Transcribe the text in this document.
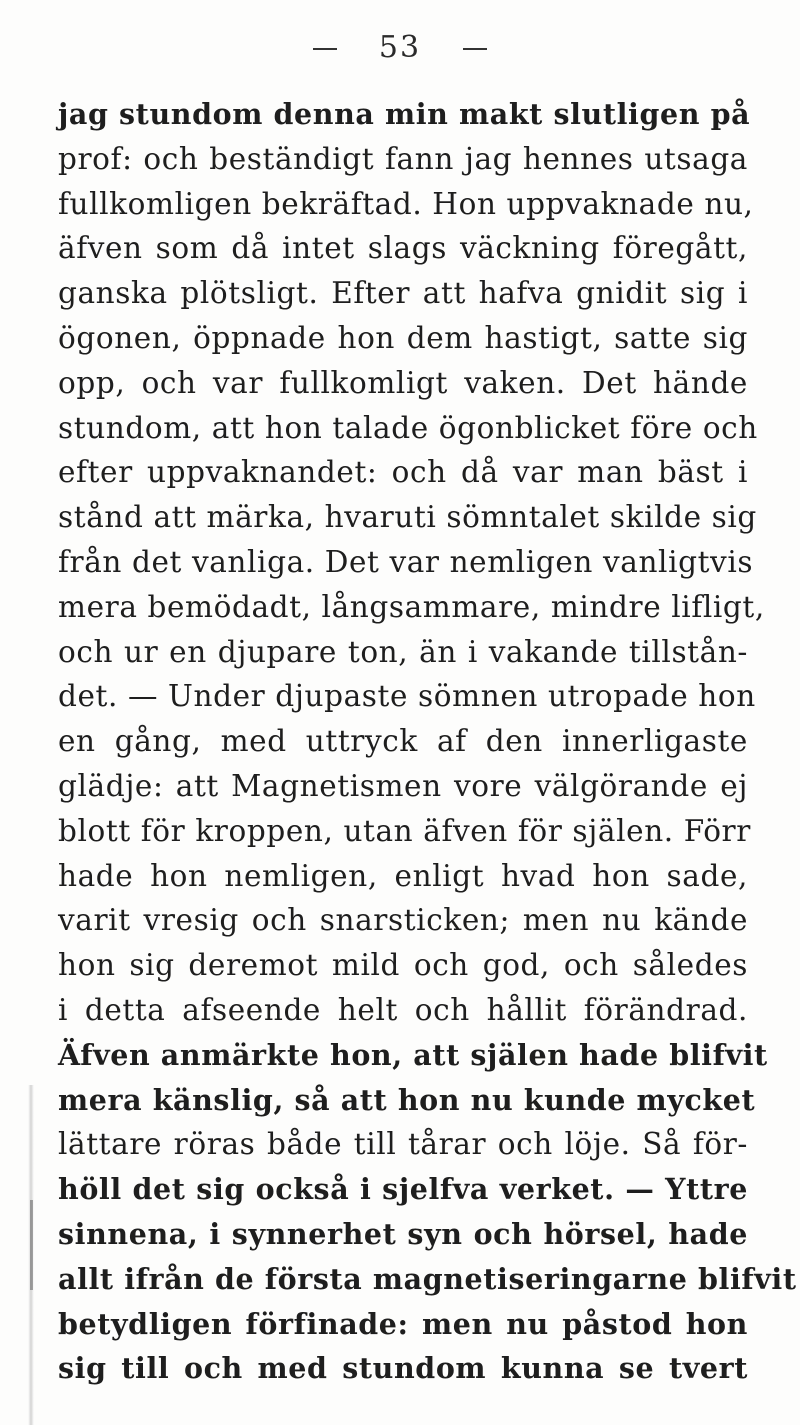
53
jag stundom denna min makt slutligen på
prof: och beständigt fann jag hennes utsaga
fullkomligen bekräftad. Hon uppvaknade nu,
äfven som då intet slags väckning föregått,
ganska plötsligt. Efter att hafva gnidit sig i
ögonen, öppnade hon dem hastigt, satte sig
opp, och var fullkomligt vaken. Det hände
stundom, att hon talade ögonblicket före och
efter uppvaknandet: och då var man bäst i
stånd att märka, hvaruti sömntalet skilde sig
från det vanliga. Det var nemligen vanligtvis
mera bemödadt, långsammare, mindre lifligt,
och ur en djupare ton, än i vakande tillstån-
det. — Under djupaste sömnen utropade hon
en gång, med uttryck af den innerligaste
glädje: att Magnetismen vore välgörande ej
blott för kroppen, utan äfven för själen. Förr
hade hon nemligen, enligt hvad hon sade,
varit vresig och snarsticken; men nu kände
hon sig deremot mild och god, och således
i detta afseende helt och hållit förändrad.
Äfven anmärkte hon, att själen hade blifvit
mera känslig, så att hon nu kunde mycket
lättare röras både till tårar och löje. Så för-
höll det sig också i sjelfva verket. — Yttre
sinnena, i synnerhet syn och hörsel, hade
allt ifrån de första magnetiseringarne blifvit
betydligen förfinade: men nu påstod hon
sig till och med stundom kunna se tvert
